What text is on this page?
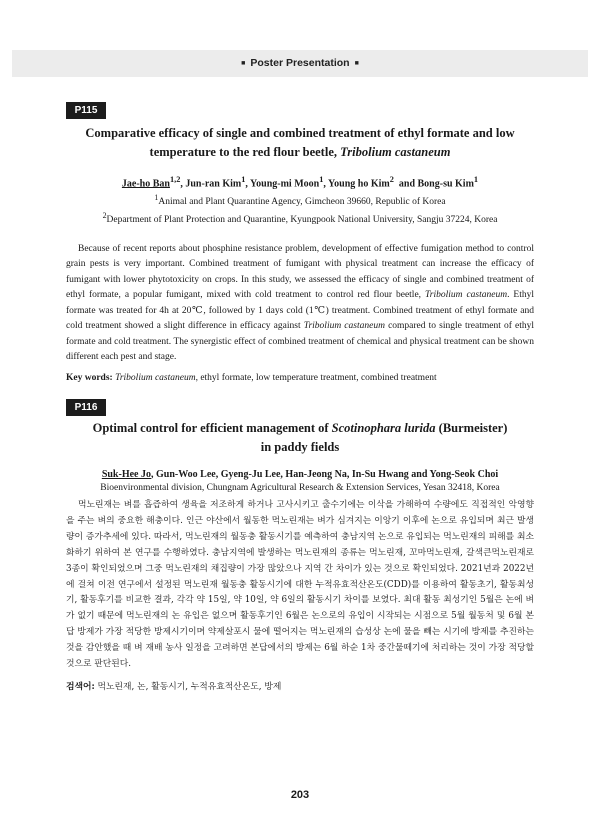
■ Poster Presentation ■
P115
Comparative efficacy of single and combined treatment of ethyl formate and low
temperature to the red flour beetle, Tribolium castaneum
Jae-ho Ban$^{1,2}$, Jun-ran Kim$^1$, Young-mi Moon$^1$, Young ho Kim$^2$  and Bong-su Kim$^1$
$^1$Animal and Plant Quarantine Agency, Gimcheon 39660, Republic of Korea
$^2$Department of Plant Protection and Quarantine, Kyungpook National University, Sangju 37224, Korea

Because of recent reports about phosphine resistance problem, development of effective fumigation method to control grain pests is very important. Combined treatment of fumigant with physical treatment can increase the efficacy of fumigant with lower phytotoxicity on crops. In this study, we assessed the efficacy of single and combined treatment of ethyl formate, a popular fumigant, mixed with cold treatment to control red flour beetle, Tribolium castaneum. Ethyl formate was treated for 4h at 20℃, followed by 1 days cold (1℃) treatment. Combined treatment of ethyl formate and cold treatment showed a slight difference in efficacy against Tribolium castaneum compared to single treatment of ethyl formate and cold treatment. The synergistic effect of combined treatment of chemical and physical treatment can be shown different each pest and stage.

Key words: Tribolium castaneum, ethyl formate, low temperature treatment, combined treatment
P116
Optimal control for efficient management of Scotinophara lurida (Burmeister)
in paddy fields
Suk-Hee Jo, Gun-Woo Lee, Gyeng-Ju Lee, Han-Jeong Na, In-Su Hwang and Yong-Seok Choi
Bioenvironmental division, Chungnam Agricultural Research & Extension Services, Yesan 32418, Korea

먹노린재는 벼를 흡즙하여 생육을 저조하게 하거나 고사시키고 출수기에는 이삭을 가해하여 수량에도 직접적인 악영향을 주는 벼의 중요한 해충이다. 인근 야산에서 월동한 먹노린재는 벼가 심겨지는 이앙기 이후에 논으로 유입되며 최근 발생량이 증가추세에 있다. 따라서, 먹노린재의 월동충 활동시기를 예측하여 충남지역 논으로 유입되는 먹노린재의 피해를 최소화하기 위하여 본 연구를 수행하였다. 충남지역에 발생하는 먹노린재의 종류는 먹노린재, 꼬마먹노린재, 갈색큰먹노린재로 3종이 확인되었으며 그중 먹노린재의 채집량이 가장 많았으나 지역 간 차이가 있는 것으로 확인되었다. 2021년과 2022년에 걸쳐 이전 연구에서 설정된 먹노린재 월동충 활동시기에 대한 누적유효적산온도(CDD)를 이용하여 활동초기, 활동최성기, 활동후기를 비교한 결과, 각각 약 15일, 약 10일, 약 6일의 활동시기 차이를 보였다. 최대 활동 최성기인 5월은 논에 벼가 없기 때문에 먹노린재의 논 유입은 없으며 활동후기인 6월은 논으로의 유입이 시작되는 시점으로 5월 월동처 및 6월 본답 방제가 가장 적당한 방제시기이며 약제살포시 물에 떨어지는 먹노린재의 습성상 논에 물을 빼는 시기에 방제를 추진하는 것을 감안했을 때 벼 재배 농사 일정을 고려하면 본답에서의 방제는 6월 하순 1차 중간물떼기에 처리하는 것이 가장 적당할 것으로 판단된다.

검색어: 먹노린재, 논, 활동시기, 누적유효적산온도, 방제
203
